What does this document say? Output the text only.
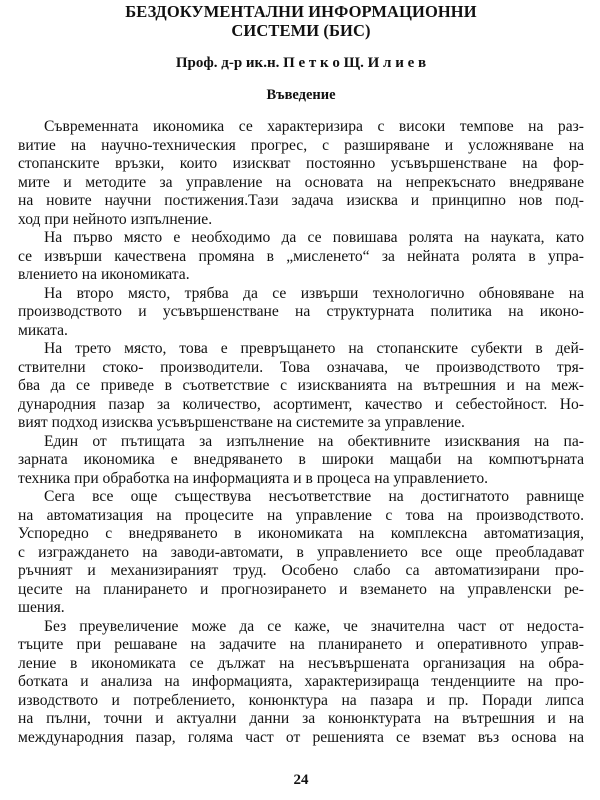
БЕЗДОКУМЕНТАЛНИ ИНФОРМАЦИОННИ
СИСТЕМИ (БИС)
Проф. д-р ик.н. П е т к о Щ. И л и е в
Въведение
Съвременната икономика се характеризира с високи темпове на раз-
витие на научно-техническия прогрес, с разширяване и усложняване на
стопанските връзки, които изискват постоянно усъвършенстване на фор-
мите и методите за управление на основата на непрекъснато внедряване
на новите научни постижения.Тази задача изисква и принципно нов под-
ход при нейното изпълнение.
На първо място е необходимо да се повишава ролята на науката, като
се извърши качествена промяна в „мисленето“ за нейната ролята в упра-
влението на икономиката.
На второ място, трябва да се извърши технологично обновяване на
производството и усъвършенстване на структурната политика на иконо-
миката.
На трето място, това е превръщането на стопанските субекти в дей-
ствителни стоко- производители. Това означава, че производството тря-
бва да се приведе в съответствие с изискванията на вътрешния и на меж-
дународния пазар за количество, асортимент, качество и себестойност. Но-
вият подход изисква усъвършенстване на системите за управление.
Един от пътищата за изпълнение на обективните изисквания на па-
зарната икономика е внедряването в широки мащаби на компютърната
техника при обработка на информацията и в процеса на управлението.
Сега все още съществува несъответствие на достигнатото равнище
на автоматизация на процесите на управление с това на производството.
Успоредно с внедряването в икономиката на комплексна автоматизация,
с изграждането на заводи-автомати, в управлението все още преобладават
ръчният и механизираният труд. Особено слабо са автоматизирани про-
цесите на планирането и прогнозирането и вземането на управленски ре-
шения.
Без преувеличение може да се каже, че значителна част от недоста-
тъците при решаване на задачите на планирането и оперативното управ-
ление в икономиката се дължат на несъвършената организация на обра-
ботката и анализа на информацията, характеризираща тенденциите на про-
изводството и потреблението, конюнктура на пазара и пр. Поради липса
на пълни, точни и актуални данни за конюнктурата на вътрешния и на
международния пазар, голяма част от решенията се вземат въз основа на
24
